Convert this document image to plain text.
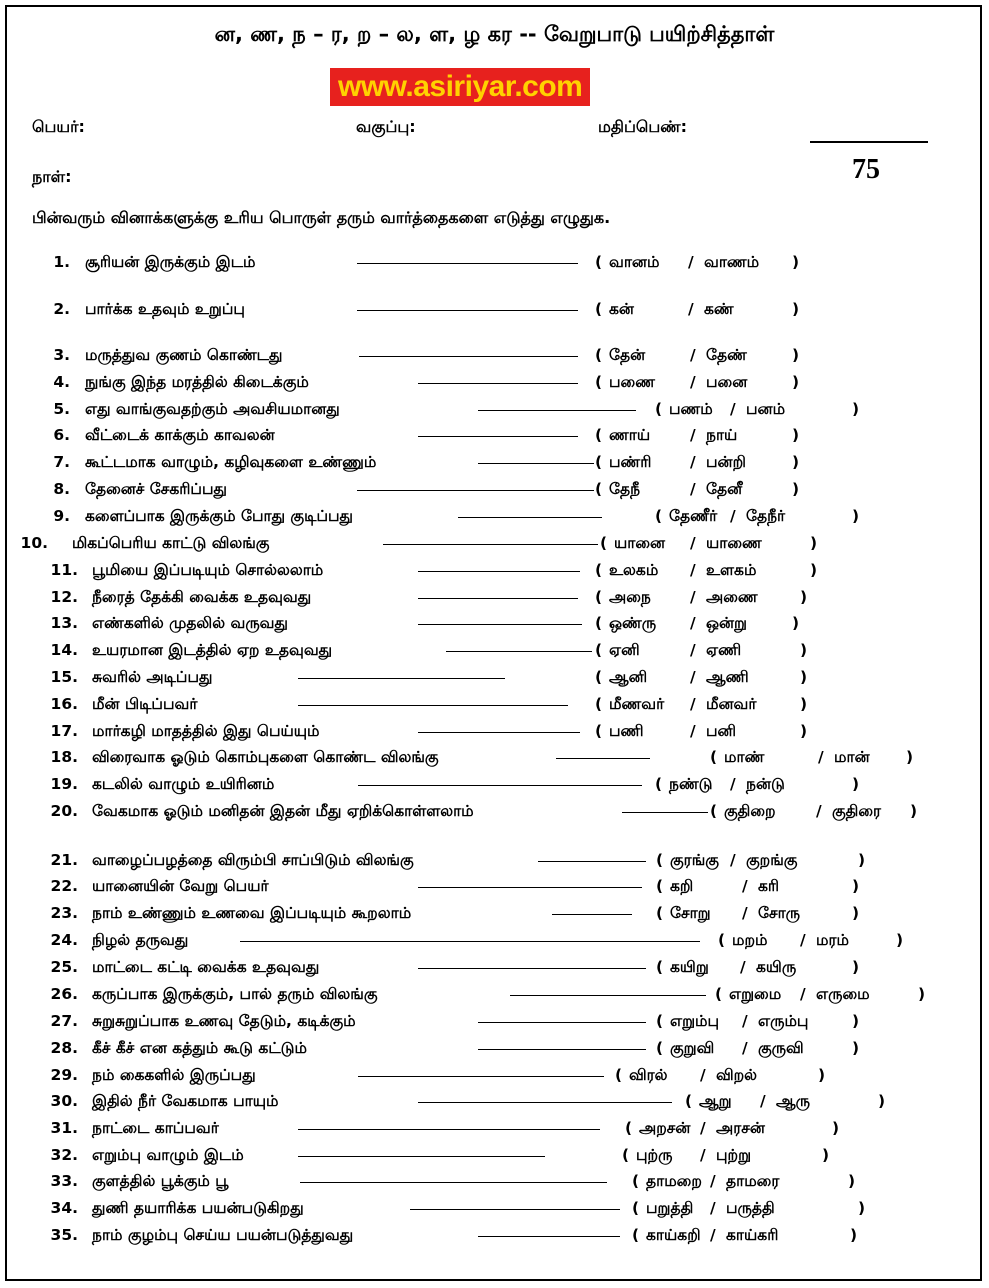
ன, ண, ந – ர, ற – ல, ள, ழ கர -- வேறுபாடு பயிற்சித்தாள்
www.asiriyar.com
பெயர்:	வகுப்பு:	மதிப்பெண்:
75
நாள்:
பின்வரும் வினாக்களுக்கு உரிய பொருள் தரும் வார்த்தைகளை எடுத்து எழுதுக.
1. சூரியன் இருக்கும் இடம்	( வானம் / வாணம் )
2. பார்க்க உதவும் உறுப்பு	( கன்	/ கண்	)
3. மருத்துவ குணம் கொண்டது	( தேன்	/ தேண்	)
4. நுங்கு இந்த மரத்தில் கிடைக்கும்	( பணை / பனை	)
5. எது வாங்குவதற்கும் அவசியமானது	( பணம் / பனம்	)
6. வீட்டைக் காக்கும் காவலன்	( ணாய்	/ நாய்	)
7. கூட்டமாக வாழும், கழிவுகளை உண்ணும்	( பண்ரி / பன்றி	)
8. தேனைச் சேகரிப்பது	( தேநீ	/ தேனீ	)
9. களைப்பாக இருக்கும் போது குடிப்பது	( தேணீர் / தேநீர்	)
10. மிகப்பெரிய காட்டு விலங்கு	( யானை / யாணை	)
11. பூமியை இப்படியும் சொல்லலாம்	( உலகம் / உளகம்	)
12. நீரைத் தேக்கி வைக்க உதவுவது	( அநை	/ அணை	)
13. எண்களில் முதலில் வருவது	( ஒண்ரு / ஒன்று	)
14. உயரமான இடத்தில் ஏற உதவுவது	( ஏனி	/ ஏணி	)
15. சுவரில் அடிப்பது	( ஆனி	/ ஆணி	)
16. மீன் பிடிப்பவர்	( மீணவர் / மீனவர்	)
17. மார்கழி மாதத்தில் இது பெய்யும்	( பணி	/ பனி	)
18. விரைவாக ஓடும் கொம்புகளை கொண்ட விலங்கு	( மாண்	/ மான் )
19. கடலில் வாழும் உயிரினம்	( நண்டு / நன்டு	)
20. வேகமாக ஓடும் மனிதன் இதன் மீது ஏறிக்கொள்ளலாம்	( குதிறை	/ குதிரை )
21. வாழைப்பழத்தை விரும்பி சாப்பிடும் விலங்கு	( குரங்கு / குறங்கு	)
22. யானையின் வேறு பெயர்	( கறி	/ கரி	)
23. நாம் உண்ணும் உணவை இப்படியும் கூறலாம்	( சோறு / சோரு	)
24. நிழல் தருவது	( மறம் / மரம்	)
25. மாட்டை கட்டி வைக்க உதவுவது	( கயிறு / கயிரு	)
26. கருப்பாக இருக்கும், பால் தரும் விலங்கு	( எறுமை / எருமை	)
27. சுறுசுறுப்பாக உணவு தேடும், கடிக்கும்	( எறும்பு / எரும்பு	)
28. கீச் கீச் என கத்தும் கூடு கட்டும்	( குறுவி / குருவி	)
29. நம் கைகளில் இருப்பது	( விரல் / விறல்	)
30. இதில் நீர் வேகமாக பாயும்	( ஆறு / ஆரு	)
31. நாட்டை காப்பவர்	( அறசன் / அரசன்	)
32. எறும்பு வாழும் இடம்	( புற்ரு / புற்று	)
33. குளத்தில் பூக்கும் பூ	( தாமறை / தாமரை	)
34. துணி தயாரிக்க பயன்படுகிறது	( பறுத்தி / பருத்தி	)
35. நாம் குழம்பு செய்ய பயன்படுத்துவது	( காய்கறி / காய்கரி	)
